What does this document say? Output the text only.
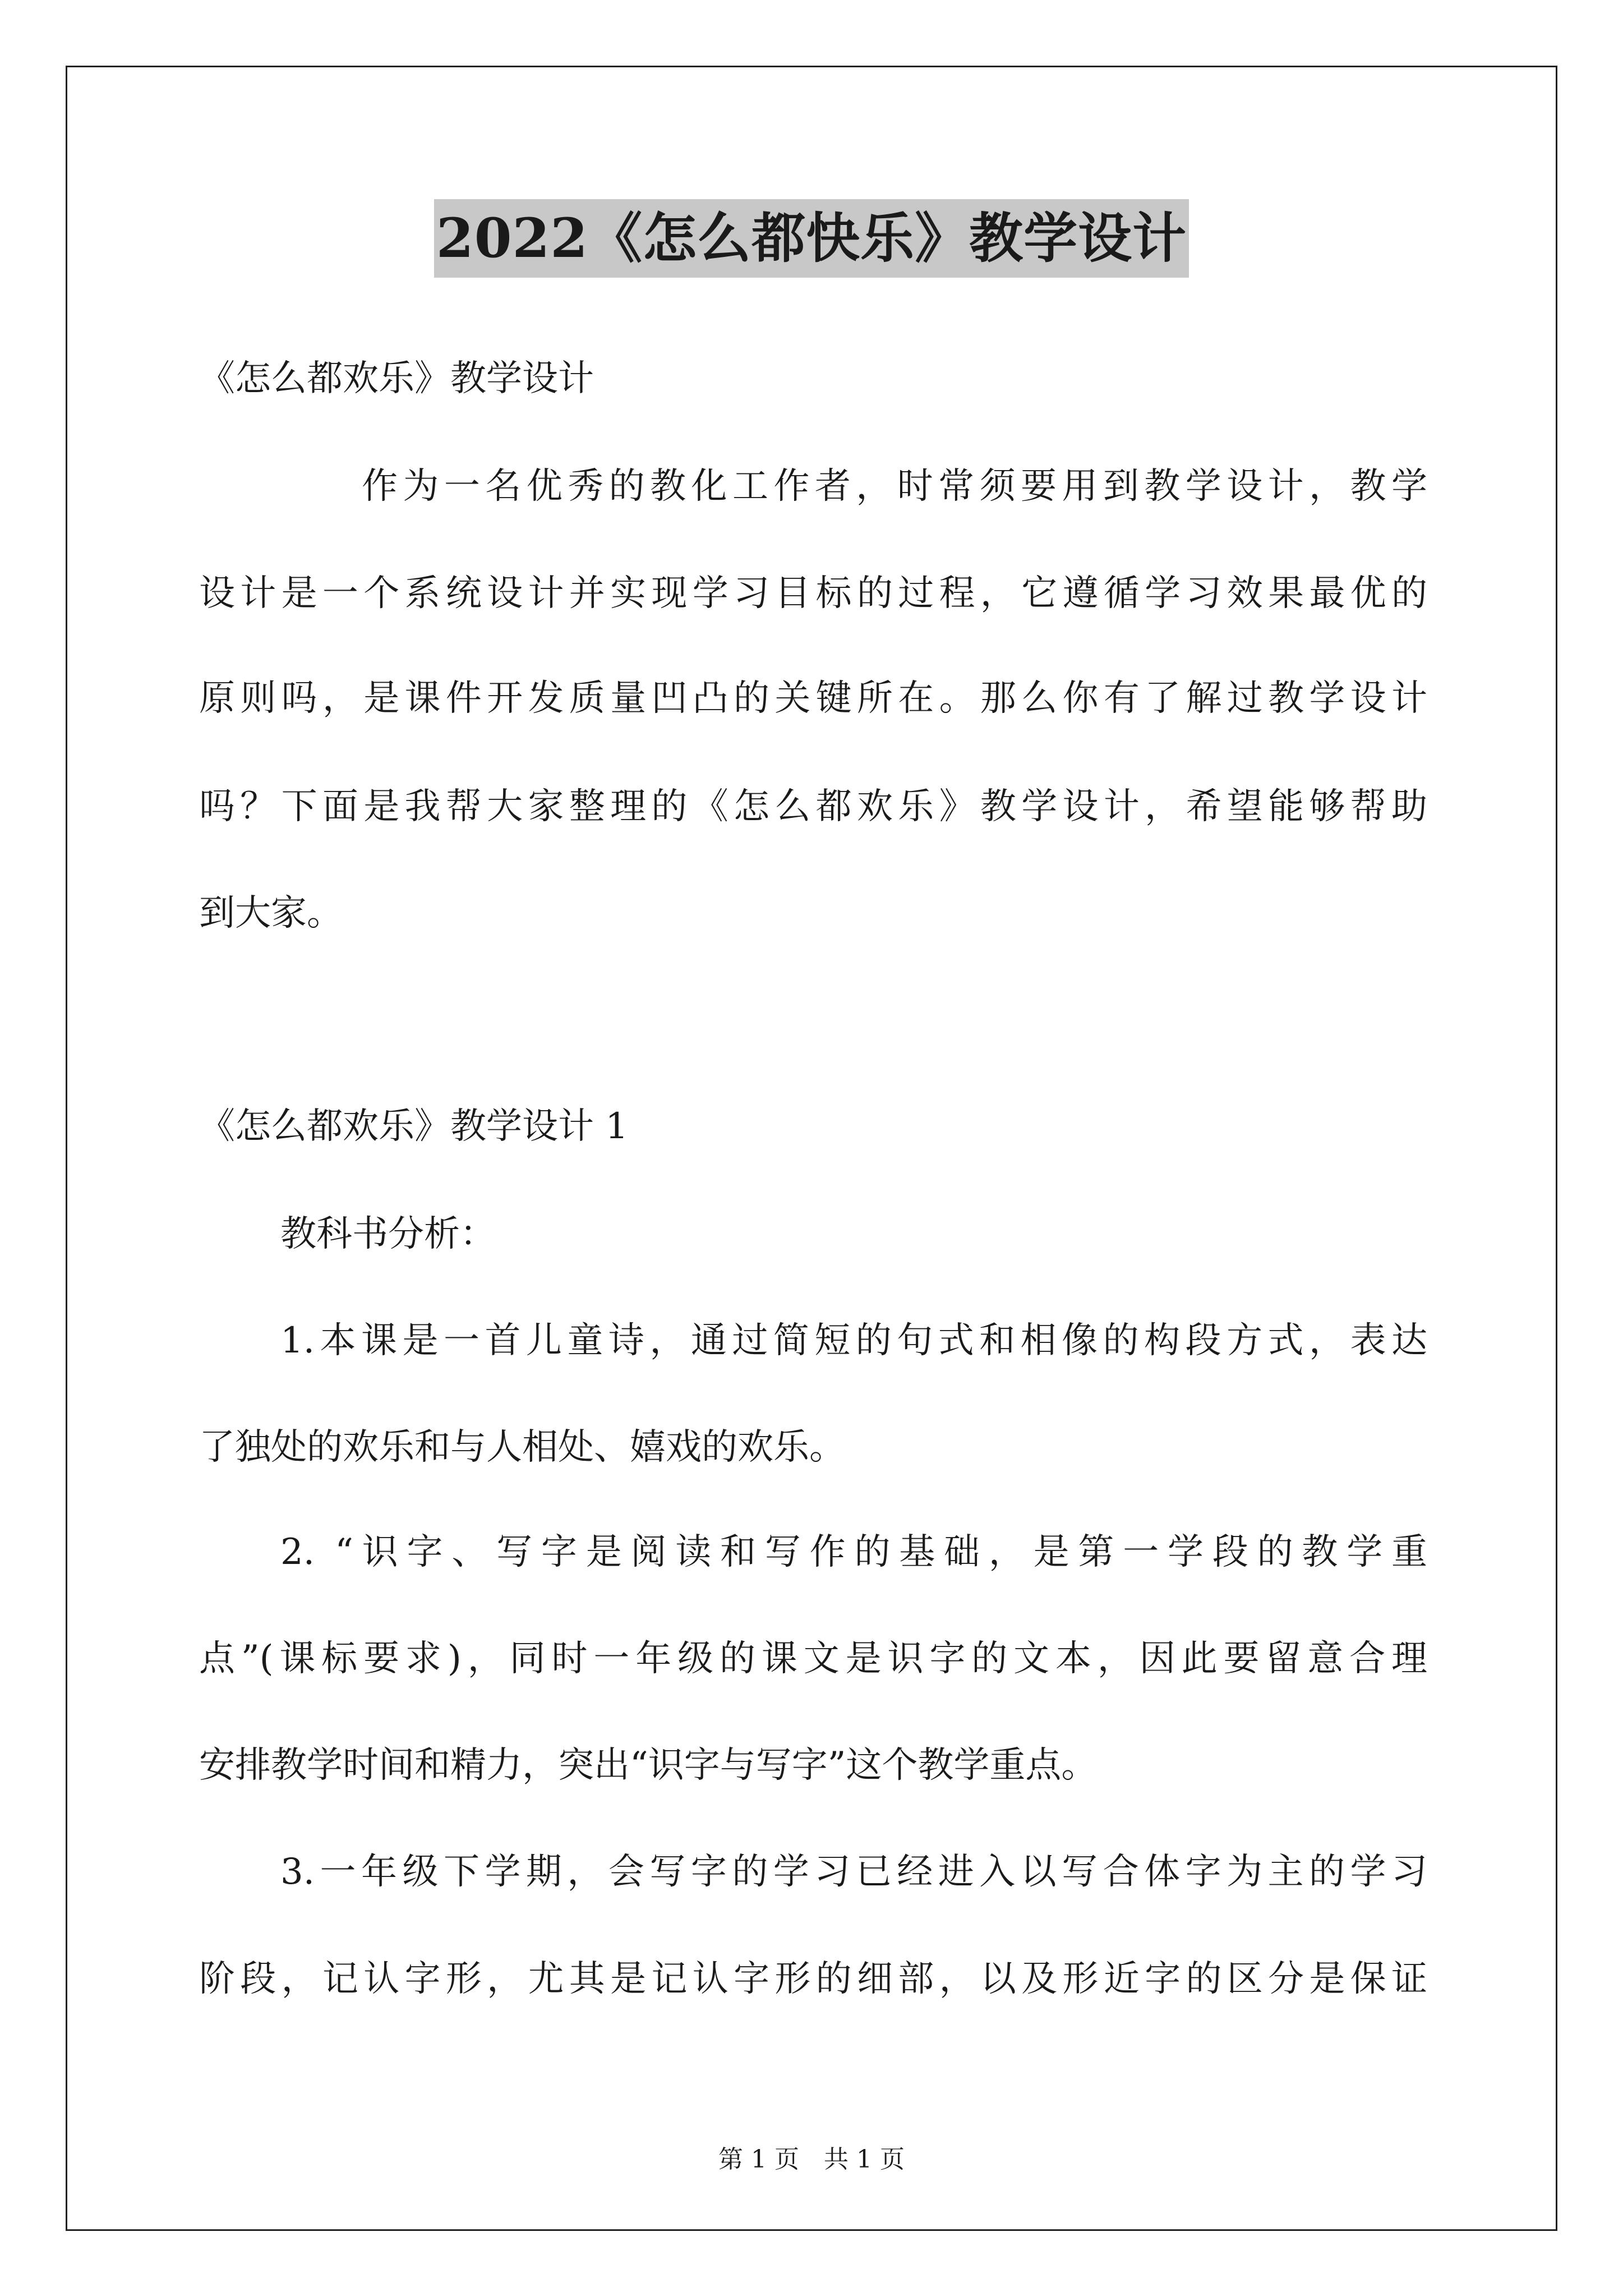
2022《怎么都快乐》教学设计
《怎么都欢乐》教学设计
作为一名优秀的教化工作者，时常须要用到教学设计，教学
设计是一个系统设计并实现学习目标的过程，它遵循学习效果最优的
原则吗，是课件开发质量凹凸的关键所在。那么你有了解过教学设计
吗？下面是我帮大家整理的《怎么都欢乐》教学设计，希望能够帮助
到大家。
《怎么都欢乐》教学设计 1
教科书分析：
1.本课是一首儿童诗，通过简短的句式和相像的构段方式，表达
了独处的欢乐和与人相处、嬉戏的欢乐。
2. “识字、写字是阅读和写作的基础，是第一学段的教学重
点”(课标要求)，同时一年级的课文是识字的文本，因此要留意合理
安排教学时间和精力，突出“识字与写字”这个教学重点。
3.一年级下学期，会写字的学习已经进入以写合体字为主的学习
阶段，记认字形，尤其是记认字形的细部，以及形近字的区分是保证
第 1 页　共 1 页
